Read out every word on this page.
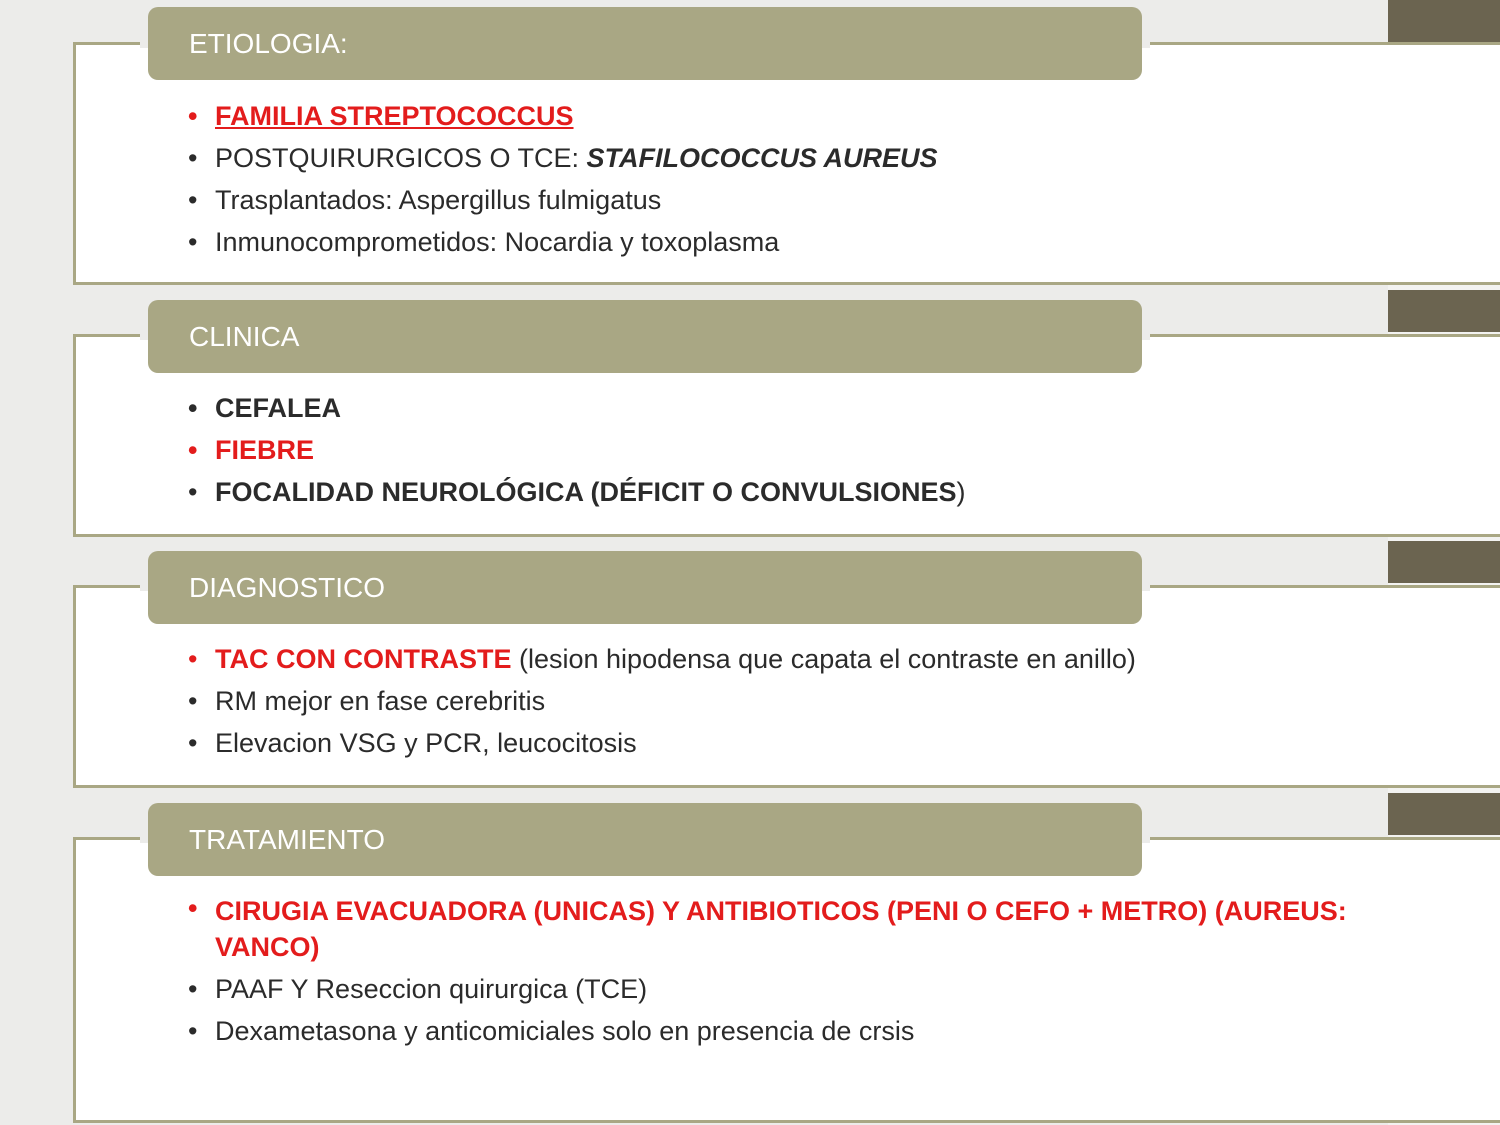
ETIOLOGIA:
• FAMILIA STREPTOCOCCUS
• POSTQUIRURGICOS O TCE: STAFILOCOCCUS AUREUS
• Trasplantados: Aspergillus fulmigatus
• Inmunocomprometidos: Nocardia y toxoplasma
CLINICA
• CEFALEA
• FIEBRE
• FOCALIDAD NEUROLÓGICA (DÉFICIT O CONVULSIONES)
DIAGNOSTICO
• TAC CON CONTRASTE (lesion hipodensa que capata el contraste en anillo)
• RM mejor en fase cerebritis
• Elevacion VSG y PCR, leucocitosis
TRATAMIENTO
• CIRUGIA EVACUADORA (UNICAS) Y ANTIBIOTICOS (PENI O CEFO + METRO) (AUREUS: VANCO)
• PAAF Y Reseccion quirurgica (TCE)
• Dexametasona y anticomiciales solo en presencia de crsis
